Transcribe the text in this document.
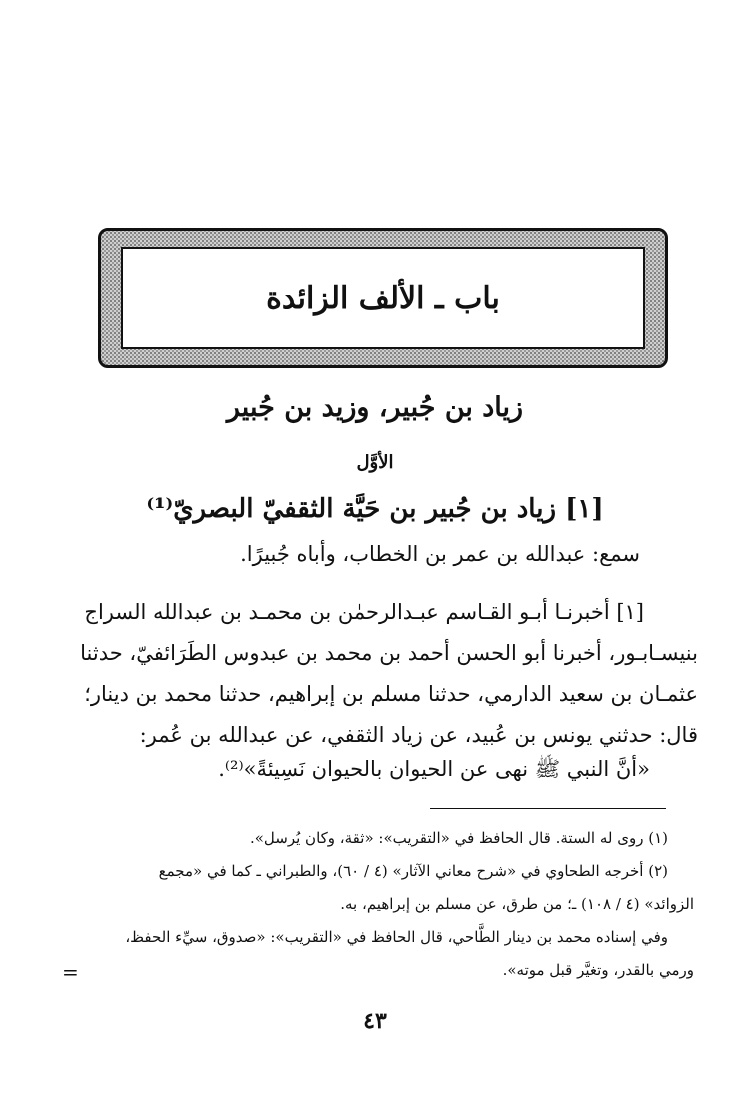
باب ـ الألف الزائدة
زياد بن جُبير، وزيد بن جُبير
الأوَّل
[١] زياد بن جُبير بن حَيَّة الثقفيّ البصريّ⁽¹⁾

سمع: عبدالله بن عمر بن الخطاب، وأباه جُبيرًا.

[١] أخبرنـا أبـو القـاسم عبـدالرحمٰن بن محمـد بن عبدالله السراج
بنيسـابـور، أخبرنا أبو الحسن أحمد بن محمد بن عبدوس الطَرَائفيّ، حدثنا
عثمـان بن سعيد الدارمي، حدثنا مسلم بن إبراهيم، حدثنا محمد بن دينار؛
قال: حدثني يونس بن عُبيد، عن زياد الثقفي، عن عبدالله بن عُمر:

«أنَّ النبي ﷺ نهى عن الحيوان بالحيوان نَسِيئةً»⁽²⁾.

(١) روى له الستة. قال الحافظ في «التقريب»: «ثقة، وكان يُرسل».
(٢) أخرجه الطحاوي في «شرح معاني الآثار» (٤ / ٦٠)، والطبراني ـ كما في «مجمع
الزوائد» (٤ / ١٠٨) ـ؛ من طرق، عن مسلم بن إبراهيم، به.
وفي إسناده محمد بن دينار الطَّاحي، قال الحافظ في «التقريب»: «صدوق، سيِّء الحفظ،
ورمي بالقدر، وتغيَّر قبل موته».

=

٤٣
